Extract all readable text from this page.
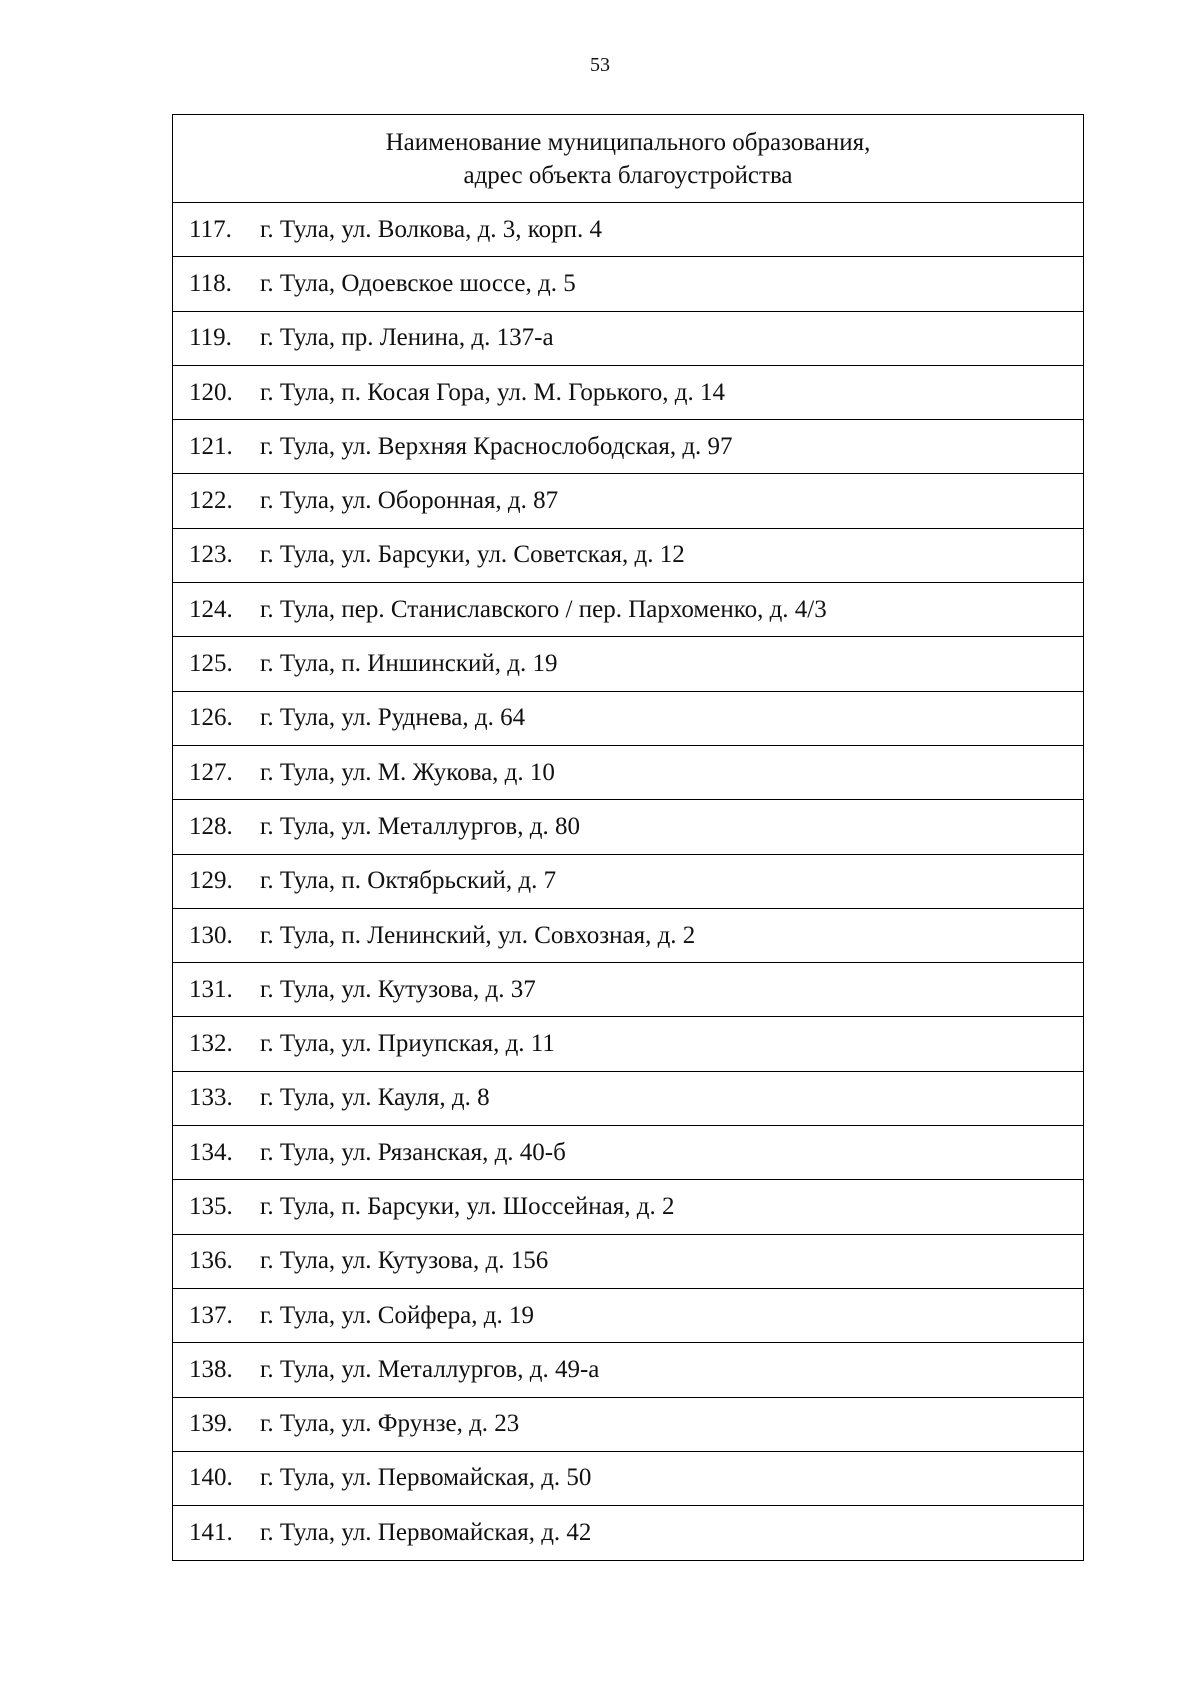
53
Наименование муниципального образования,
адрес объекта благоустройства
117.	г. Тула, ул. Волкова, д. 3, корп. 4
118.	г. Тула, Одоевское шоссе, д. 5
119.	г. Тула, пр. Ленина, д. 137-а
120.	г. Тула, п. Косая Гора, ул. М. Горького, д. 14
121.	г. Тула, ул. Верхняя Краснослободская, д. 97
122.	г. Тула, ул. Оборонная, д. 87
123.	г. Тула, ул. Барсуки, ул. Советская, д. 12
124.	г. Тула, пер. Станиславского / пер. Пархоменко, д. 4/3
125.	г. Тула, п. Иншинский, д. 19
126.	г. Тула, ул. Руднева, д. 64
127.	г. Тула, ул. М. Жукова, д. 10
128.	г. Тула, ул. Металлургов, д. 80
129.	г. Тула, п. Октябрьский, д. 7
130.	г. Тула, п. Ленинский, ул. Совхозная, д. 2
131.	г. Тула, ул. Кутузова, д. 37
132.	г. Тула, ул. Приупская, д. 11
133.	г. Тула, ул. Кауля, д. 8
134.	г. Тула, ул. Рязанская, д. 40-б
135.	г. Тула, п. Барсуки, ул. Шоссейная, д. 2
136.	г. Тула, ул. Кутузова, д. 156
137.	г. Тула, ул. Сойфера, д. 19
138.	г. Тула, ул. Металлургов, д. 49-а
139.	г. Тула, ул. Фрунзе, д. 23
140.	г. Тула, ул. Первомайская, д. 50
141.	г. Тула, ул. Первомайская, д. 42
